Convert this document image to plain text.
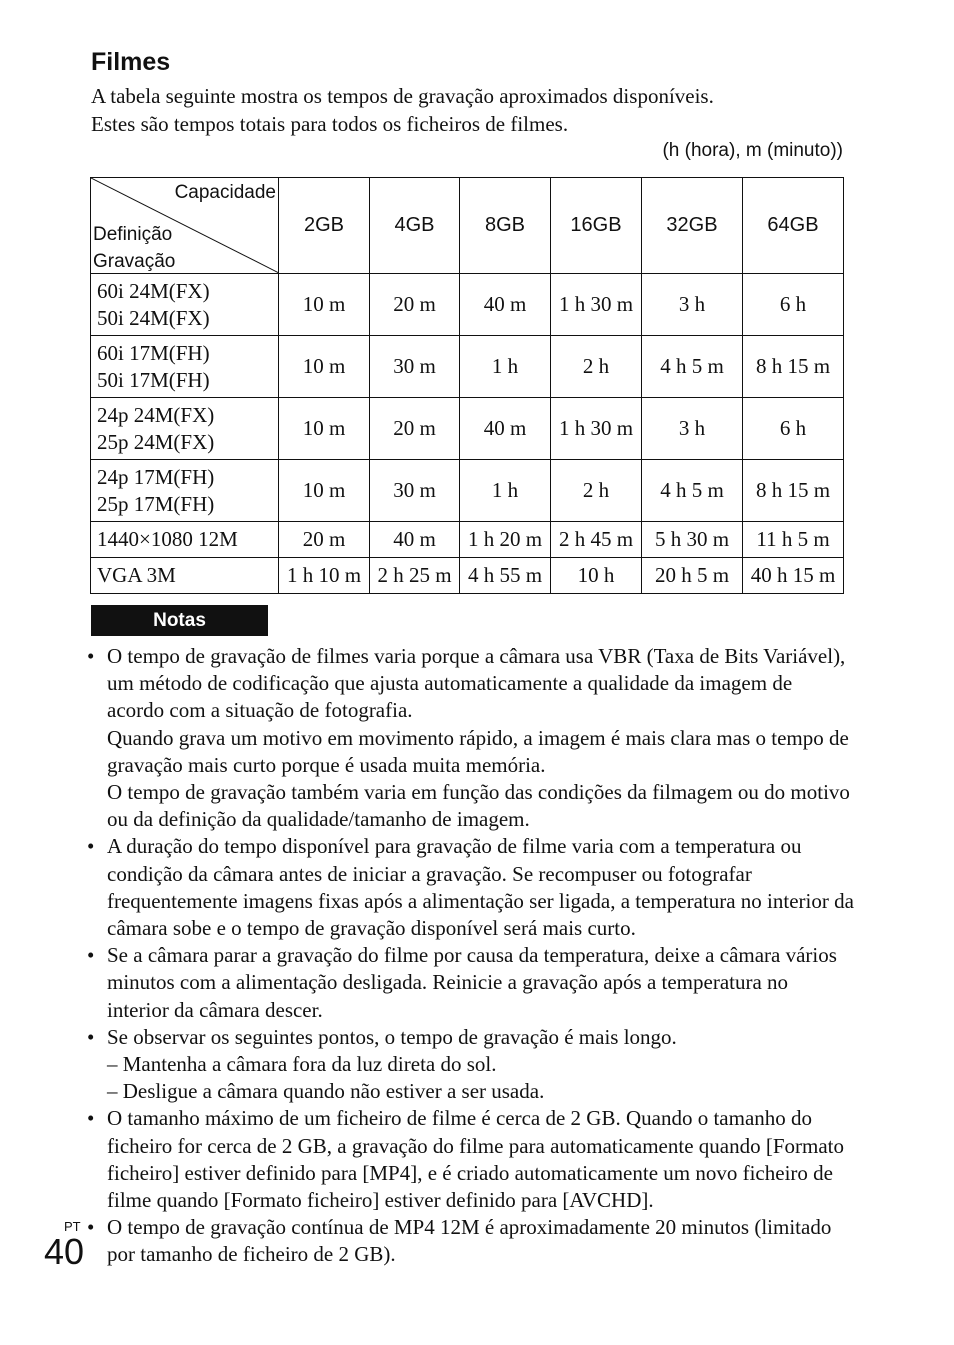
Filmes

A tabela seguinte mostra os tempos de gravação aproximados disponíveis.

Estes são tempos totais para todos os ficheiros de filmes.

(h (hora), m (minuto))
Capacidade
Definição
Gravação	2GB	4GB	8GB	16GB	32GB	64GB
60i 24M(FX)
50i 24M(FX)	10 m	20 m	40 m	1 h 30 m	3 h	6 h
60i 17M(FH)
50i 17M(FH)	10 m	30 m	1 h	2 h	4 h 5 m	8 h 15 m
24p 24M(FX)
25p 24M(FX)	10 m	20 m	40 m	1 h 30 m	3 h	6 h
24p 17M(FH)
25p 17M(FH)	10 m	30 m	1 h	2 h	4 h 5 m	8 h 15 m
1440×1080 12M	20 m	40 m	1 h 20 m	2 h 45 m	5 h 30 m	11 h 5 m
VGA 3M	1 h 10 m	2 h 25 m	4 h 55 m	10 h	20 h 5 m	40 h 15 m
Notas
• O tempo de gravação de filmes varia porque a câmara usa VBR (Taxa de Bits Variável), um método de codificação que ajusta automaticamente a qualidade da imagem de acordo com a situação de fotografia.

Quando grava um motivo em movimento rápido, a imagem é mais clara mas o tempo de gravação mais curto porque é usada muita memória.

O tempo de gravação também varia em função das condições da filmagem ou do motivo ou da definição da qualidade/tamanho de imagem.

• A duração do tempo disponível para gravação de filme varia com a temperatura ou condição da câmara antes de iniciar a gravação. Se recompuser ou fotografar frequentemente imagens fixas após a alimentação ser ligada, a temperatura no interior da câmara sobe e o tempo de gravação disponível será mais curto.

• Se a câmara parar a gravação do filme por causa da temperatura, deixe a câmara vários minutos com a alimentação desligada. Reinicie a gravação após a temperatura no interior da câmara descer.

• Se observar os seguintes pontos, o tempo de gravação é mais longo.

– Mantenha a câmara fora da luz direta do sol.

– Desligue a câmara quando não estiver a ser usada.

• O tamanho máximo de um ficheiro de filme é cerca de 2 GB. Quando o tamanho do ficheiro for cerca de 2 GB, a gravação do filme para automaticamente quando [Formato ficheiro] estiver definido para [MP4], e é criado automaticamente um novo ficheiro de filme quando [Formato ficheiro] estiver definido para [AVCHD].

• O tempo de gravação contínua de MP4 12M é aproximadamente 20 minutos (limitado por tamanho de ficheiro de 2 GB).

PT
40
